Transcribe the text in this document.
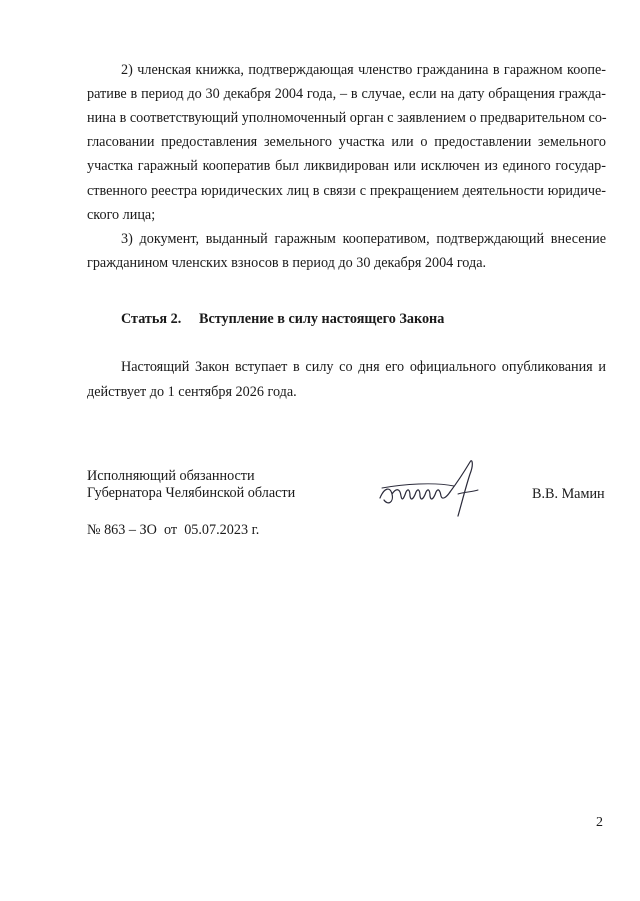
2) членская книжка, подтверждающая членство гражданина в гаражном коопе-
ративе в период до 30 декабря 2004 года, – в случае, если на дату обращения гражда-
нина в соответствующий уполномоченный орган с заявлением о предварительном со-
гласовании предоставления земельного участка или о предоставлении земельного
участка гаражный кооператив был ликвидирован или исключен из единого государ-
ственного реестра юридических лиц в связи с прекращением деятельности юридиче-
ского лица;
3) документ, выданный гаражным кооперативом, подтверждающий внесение
гражданином членских взносов в период до 30 декабря 2004 года.
Статья 2. Вступление в силу настоящего Закона
Настоящий Закон вступает в силу со дня его официального опубликования и
действует до 1 сентября 2026 года.
Исполняющий обязанности
Губернатора Челябинской области	В.В. Мамин
№ 863 – ЗО  от  05.07.2023 г.
2
